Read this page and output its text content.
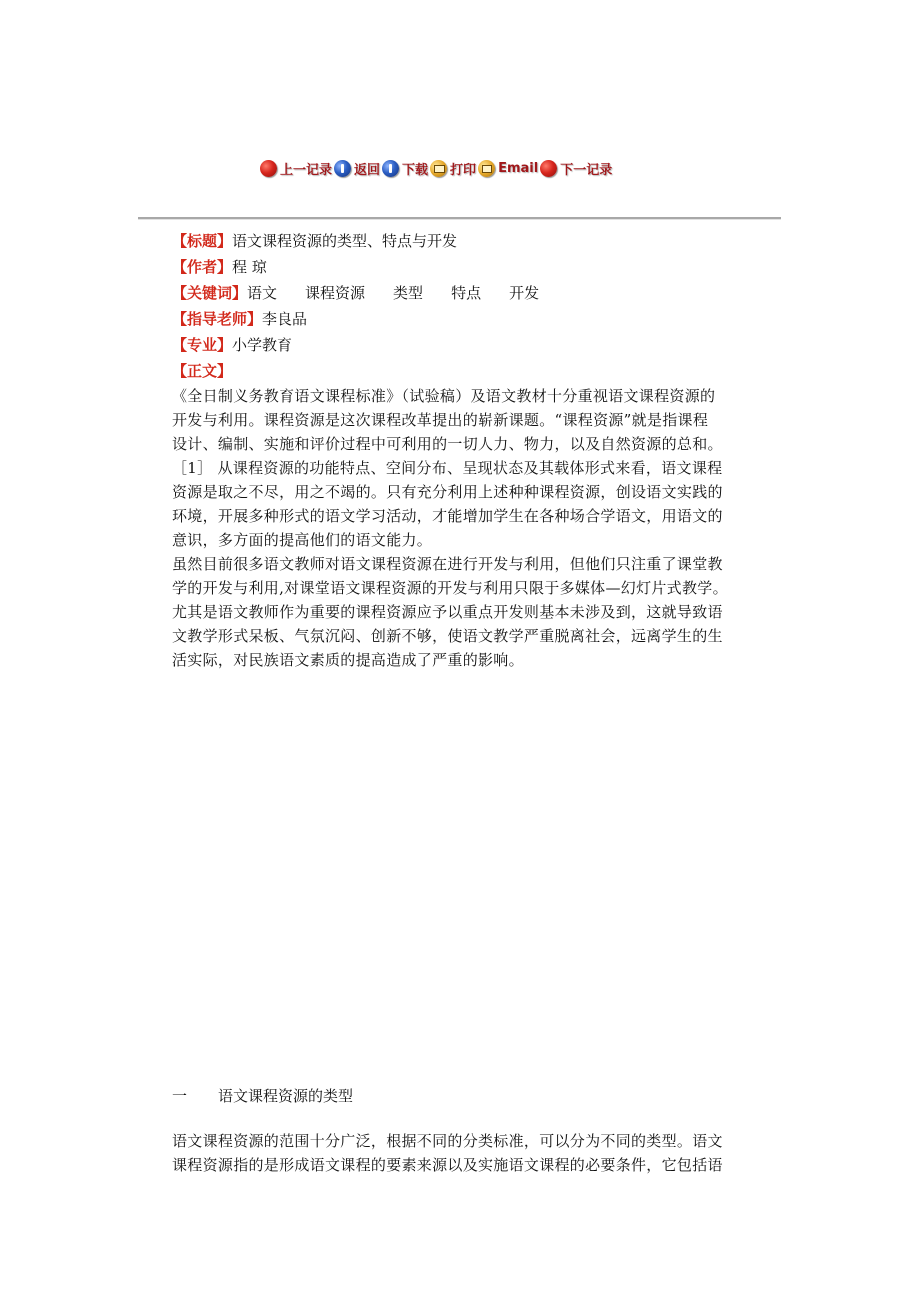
上一记录 返回 下载 打印 Email 下一记录
【标题】语文课程资源的类型、特点与开发
【作者】程 琼
【关键词】语文 课程资源 类型 特点 开发
【指导老师】李良品
【专业】小学教育
【正文】

《全日制义务教育语文课程标准》（试验稿）及语文教材十分重视语文课程资源的
开发与利用。课程资源是这次课程改革提出的崭新课题。“课程资源”就是指课程
设计、编制、实施和评价过程中可利用的一切人力、物力，以及自然资源的总和。
［1］ 从课程资源的功能特点、空间分布、呈现状态及其载体形式来看，语文课程
资源是取之不尽，用之不竭的。只有充分利用上述种种课程资源，创设语文实践的
环境，开展多种形式的语文学习活动，才能增加学生在各种场合学语文，用语文的
意识，多方面的提高他们的语文能力。

虽然目前很多语文教师对语文课程资源在进行开发与利用，但他们只注重了课堂教
学的开发与利用,对课堂语文课程资源的开发与利用只限于多媒体—幻灯片式教学。
尤其是语文教师作为重要的课程资源应予以重点开发则基本未涉及到，这就导致语
文教学形式呆板、气氛沉闷、创新不够，使语文教学严重脱离社会，远离学生的生
活实际，对民族语文素质的提高造成了严重的影响。

一 语文课程资源的类型

语文课程资源的范围十分广泛，根据不同的分类标准，可以分为不同的类型。语文
课程资源指的是形成语文课程的要素来源以及实施语文课程的必要条件，它包括语
